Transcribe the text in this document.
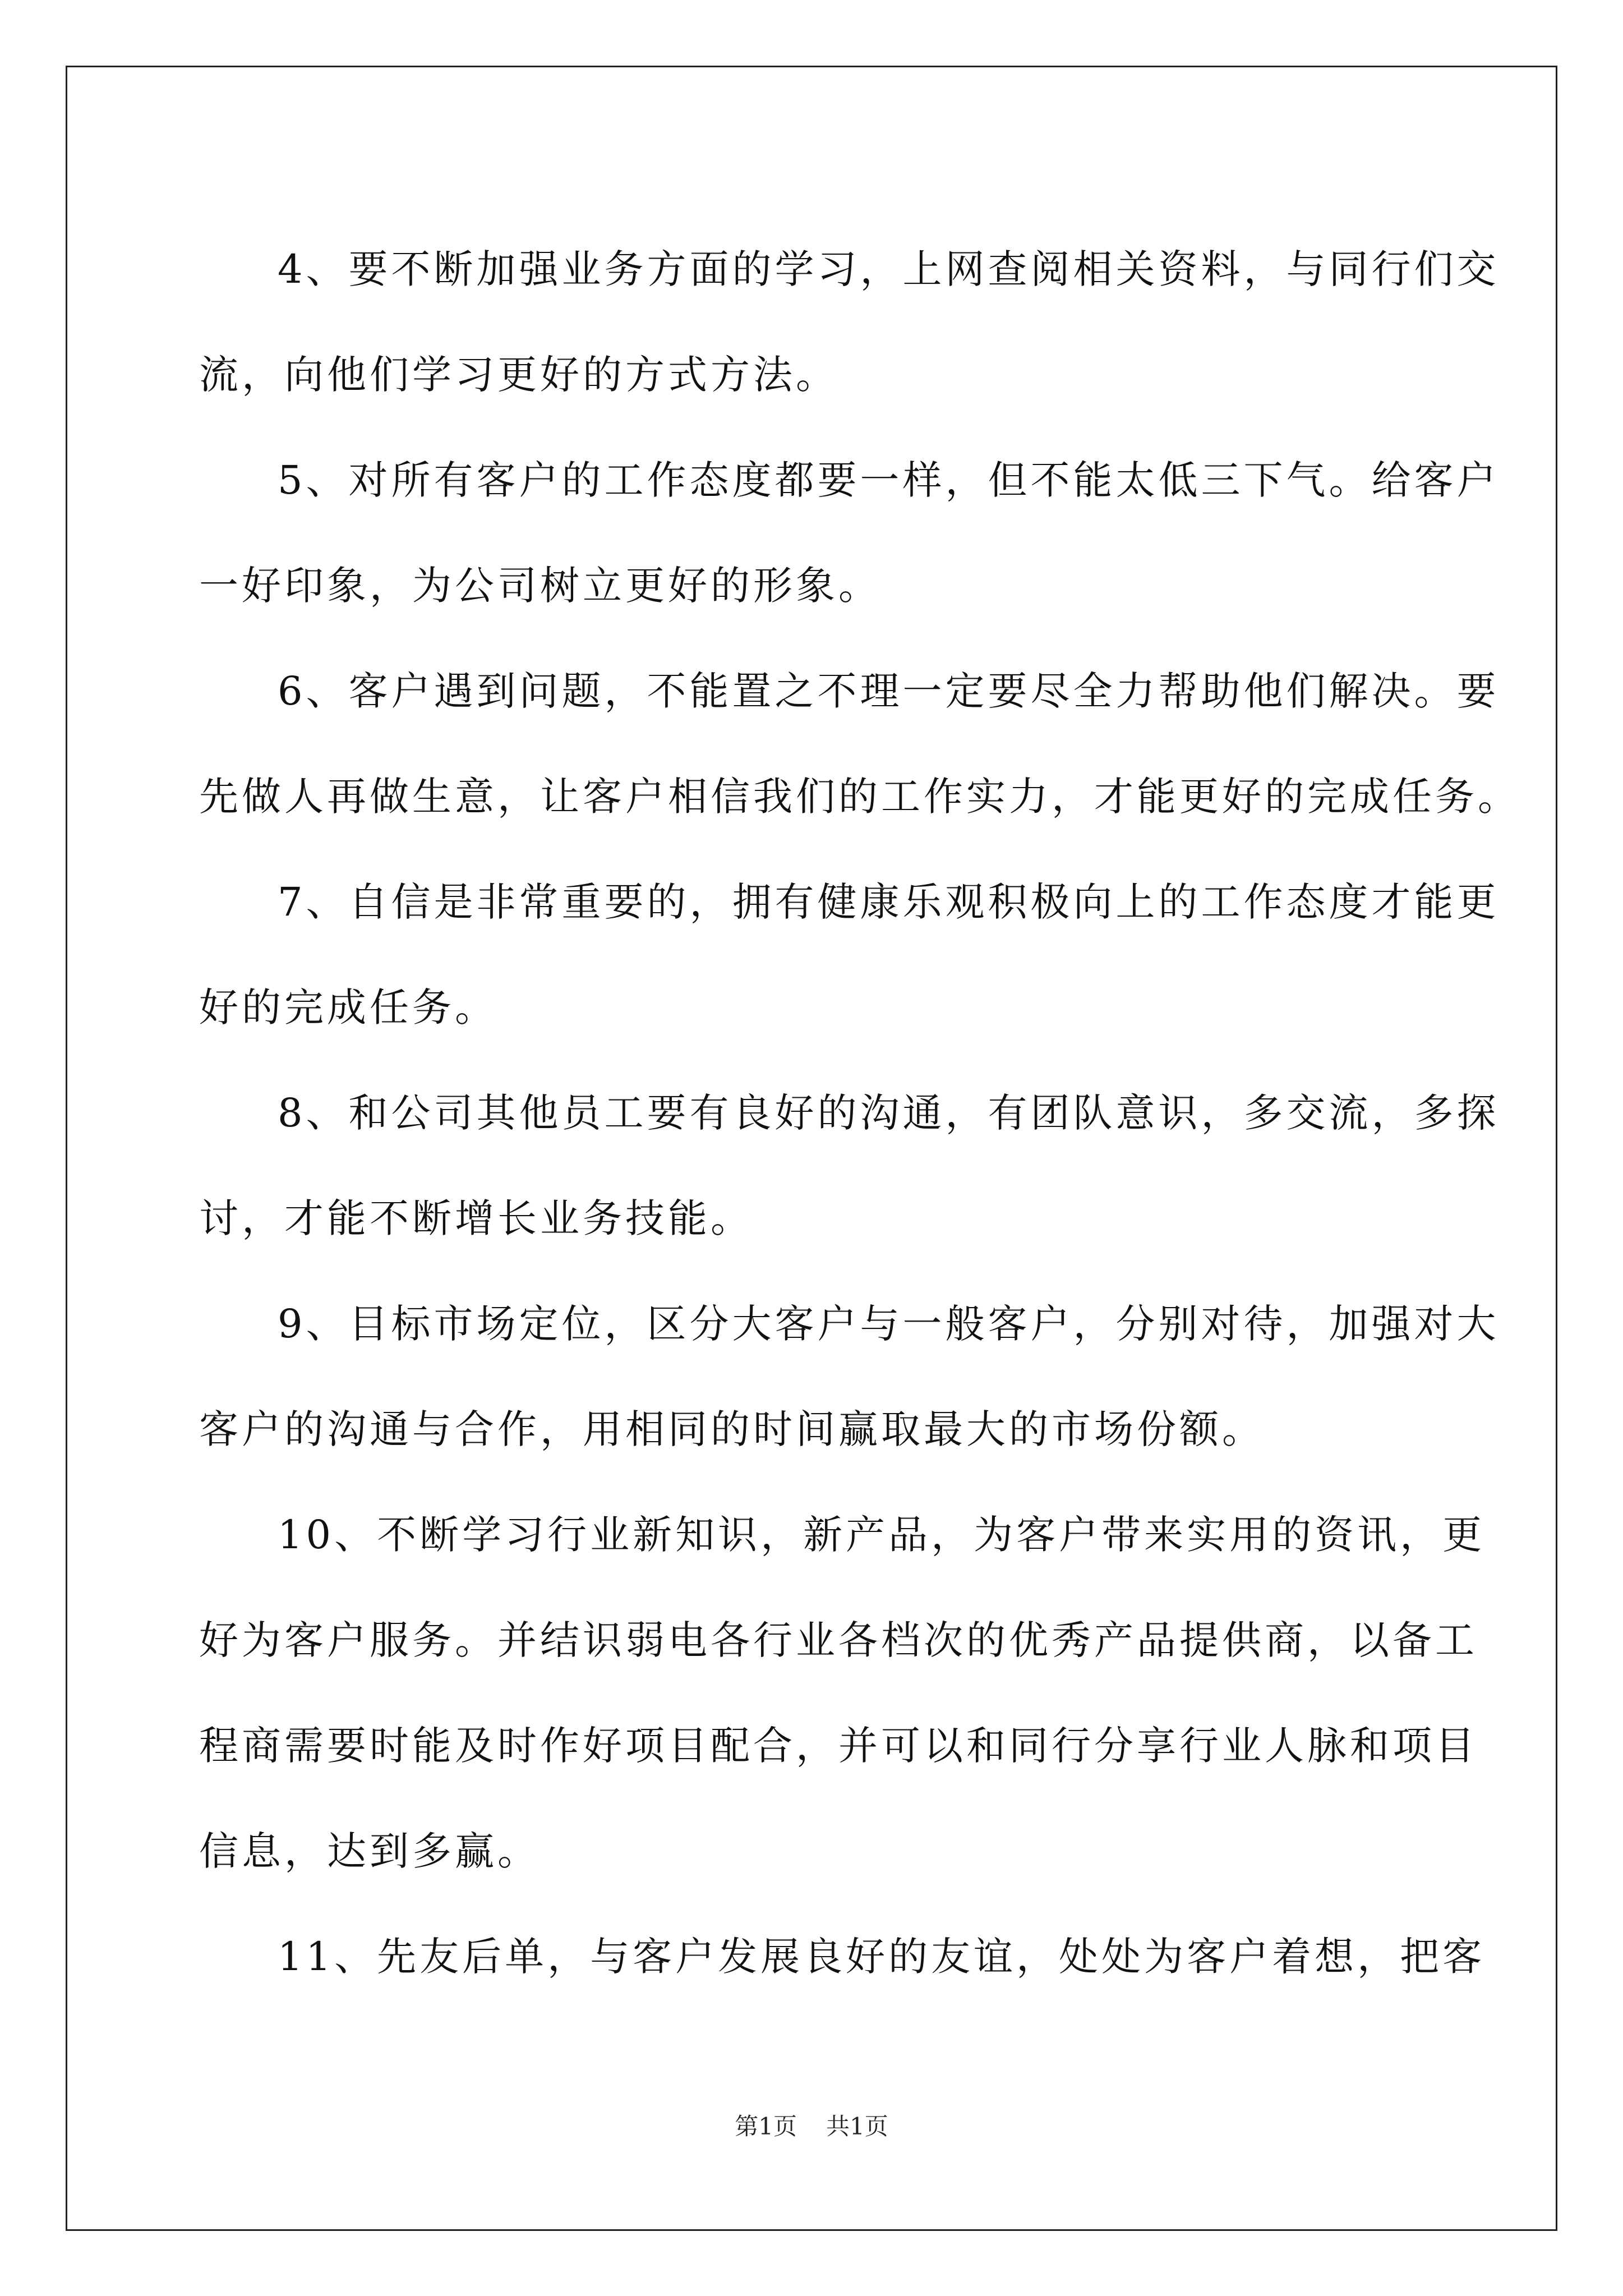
4、要不断加强业务方面的学习，上网查阅相关资料，与同行们交
流，向他们学习更好的方式方法。
5、对所有客户的工作态度都要一样，但不能太低三下气。给客户
一好印象，为公司树立更好的形象。
6、客户遇到问题，不能置之不理一定要尽全力帮助他们解决。要
先做人再做生意，让客户相信我们的工作实力，才能更好的完成任务。
7、自信是非常重要的，拥有健康乐观积极向上的工作态度才能更
好的完成任务。
8、和公司其他员工要有良好的沟通，有团队意识，多交流，多探
讨，才能不断增长业务技能。
9、目标市场定位，区分大客户与一般客户，分别对待，加强对大
客户的沟通与合作，用相同的时间赢取最大的市场份额。
10、不断学习行业新知识，新产品，为客户带来实用的资讯，更
好为客户服务。并结识弱电各行业各档次的优秀产品提供商，以备工
程商需要时能及时作好项目配合，并可以和同行分享行业人脉和项目
信息，达到多赢。
11、先友后单，与客户发展良好的友谊，处处为客户着想，把客
第1页 共1页
